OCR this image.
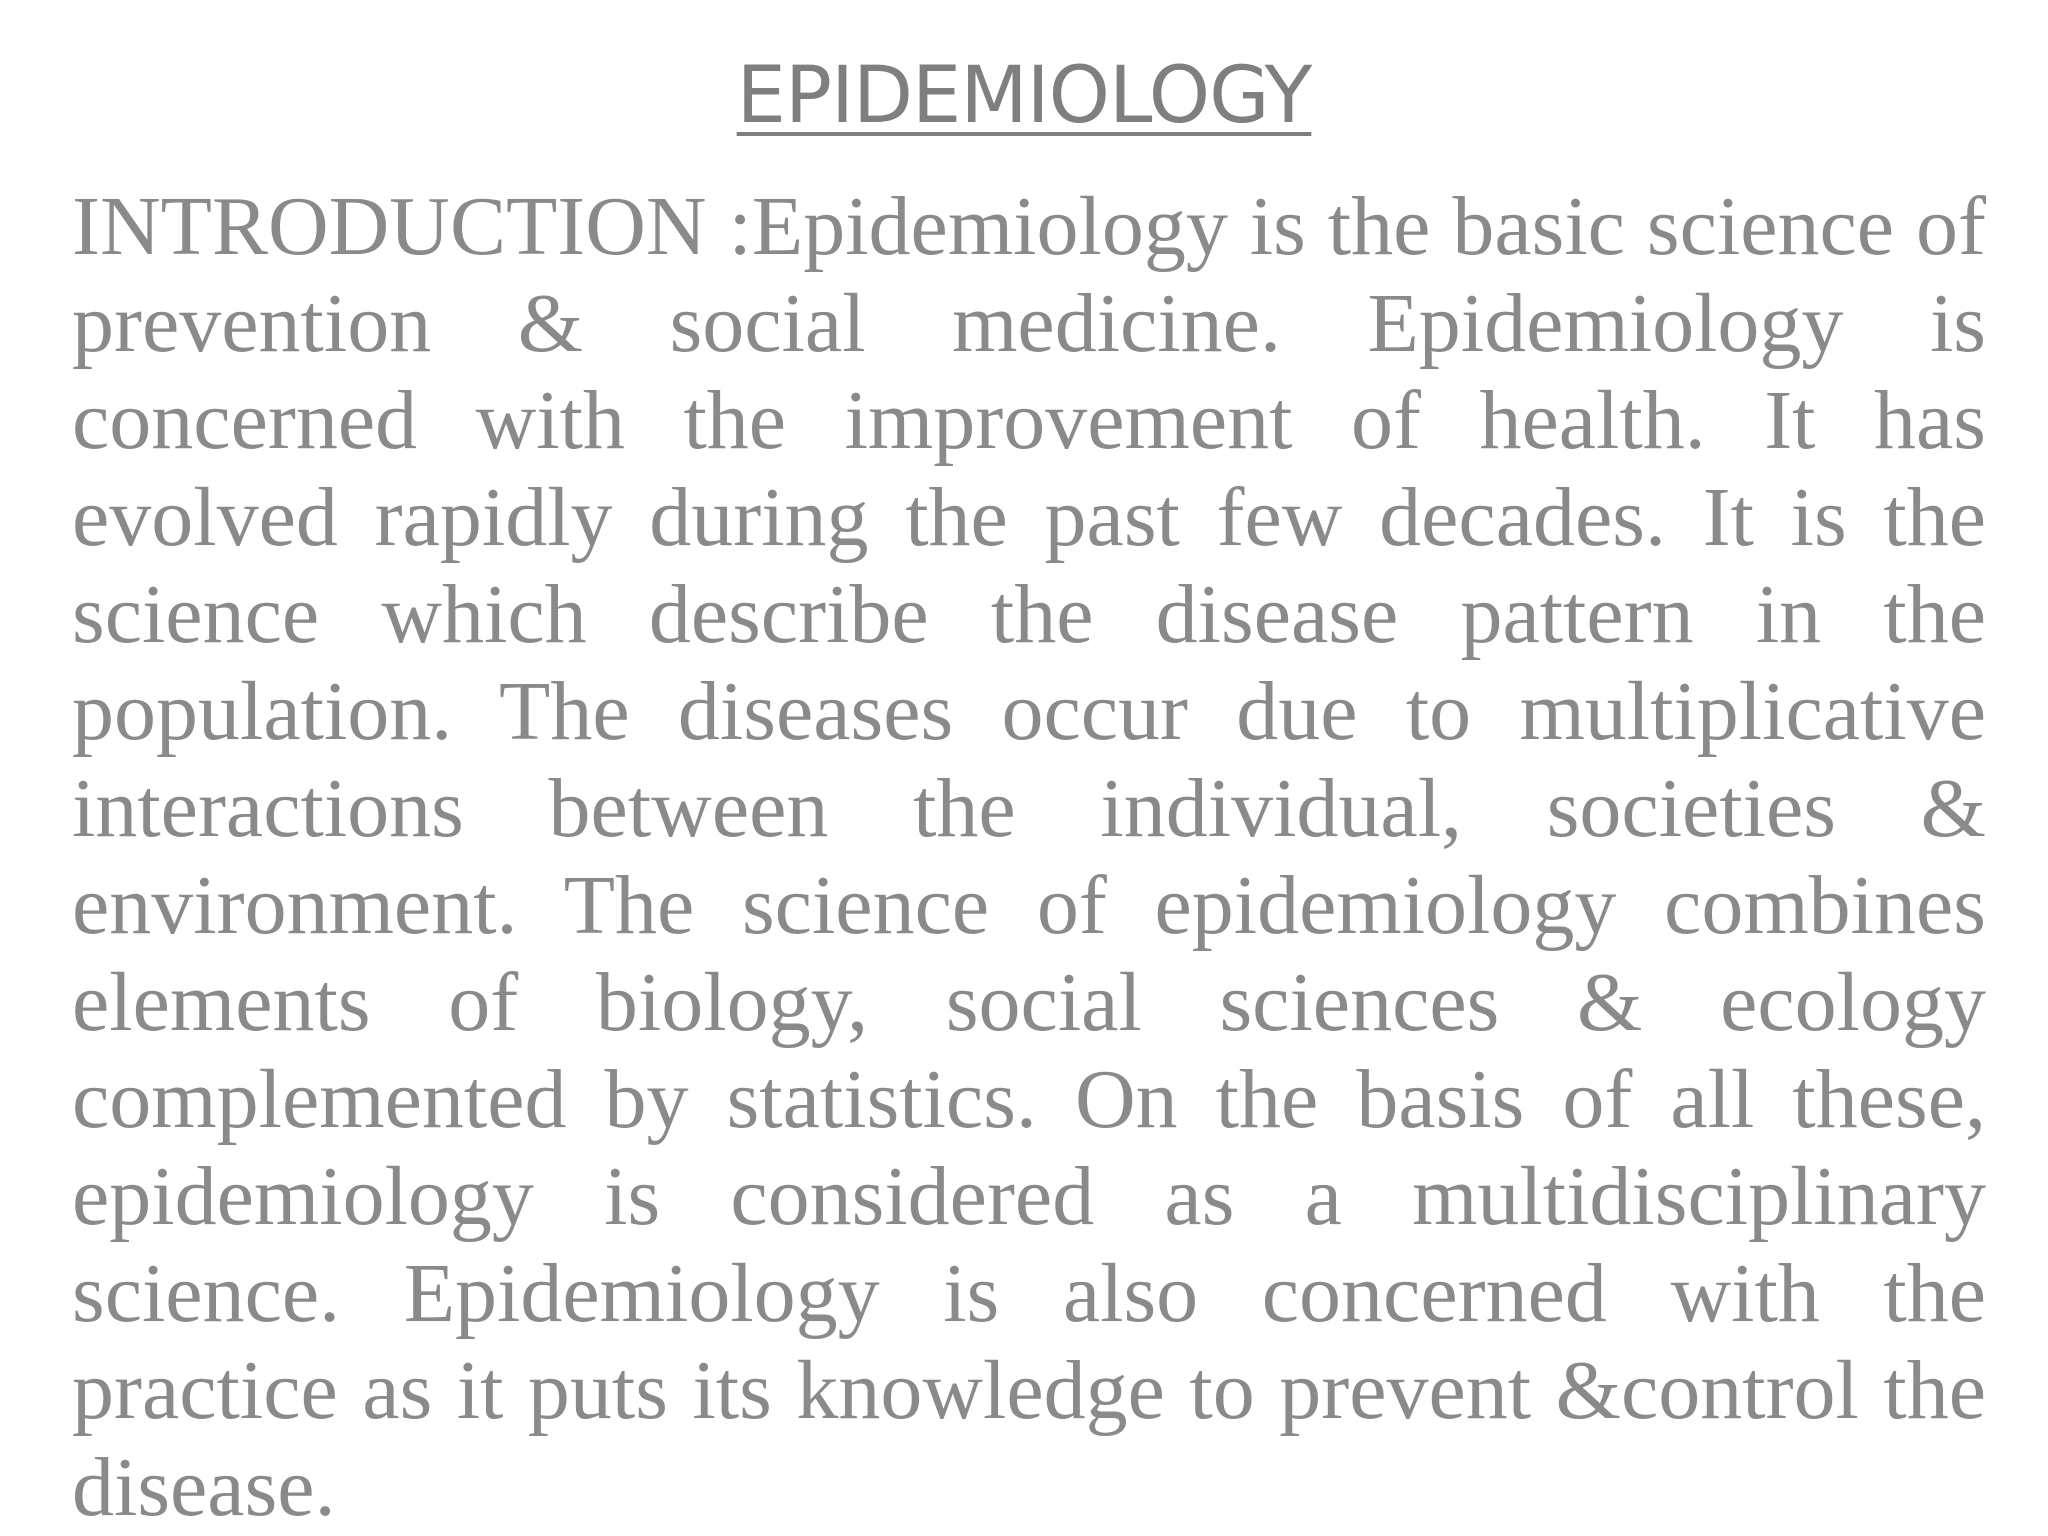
EPIDEMIOLOGY

INTRODUCTION :Epidemiology is the basic science of prevention & social medicine. Epidemiology is concerned with the improvement of health. It has evolved rapidly during the past few decades. It is the science which describe the disease pattern in the population. The diseases occur due to multiplicative interactions between the individual, societies & environment. The science of epidemiology combines elements of biology, social sciences & ecology complemented by statistics. On the basis of all these, epidemiology is considered as a multidisciplinary science. Epidemiology is also concerned with the practice as it puts its knowledge to prevent &control the disease.
